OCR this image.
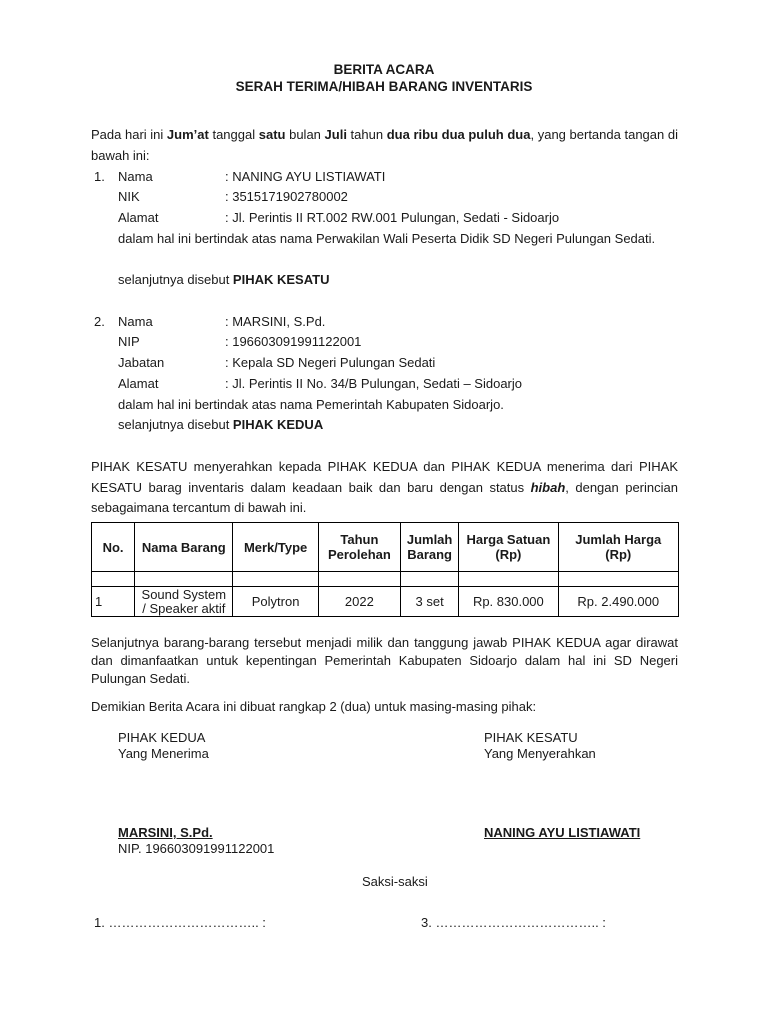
BERITA ACARA
SERAH TERIMA/HIBAH BARANG INVENTARIS
Pada hari ini Jum’at tanggal satu bulan Juli tahun dua ribu dua puluh dua, yang bertanda tangan di bawah ini:
1. Nama	: NANING AYU LISTIAWATI
NIK	: 3515171902780002
Alamat	: Jl. Perintis II RT.002 RW.001 Pulungan, Sedati - Sidoarjo
dalam hal ini bertindak atas nama Perwakilan Wali Peserta Didik SD Negeri Pulungan Sedati.
selanjutnya disebut PIHAK KESATU
2. Nama	: MARSINI, S.Pd.
NIP	: 196603091991122001
Jabatan	: Kepala SD Negeri Pulungan Sedati
Alamat	: Jl. Perintis II No. 34/B Pulungan, Sedati – Sidoarjo
dalam hal ini bertindak atas nama Pemerintah Kabupaten Sidoarjo.
selanjutnya disebut PIHAK KEDUA
PIHAK KESATU menyerahkan kepada PIHAK KEDUA dan PIHAK KEDUA menerima dari PIHAK KESATU barag inventaris dalam keadaan baik dan baru dengan status hibah, dengan perincian sebagaimana tercantum di bawah ini.
No.	Nama Barang	Merk/Type	Tahun Perolehan	Jumlah Barang	Harga Satuan (Rp)	Jumlah Harga (Rp)

1	Sound System / Speaker aktif	Polytron	2022	3 set	Rp. 830.000	Rp. 2.490.000
Selanjutnya barang-barang tersebut menjadi milik dan tanggung jawab PIHAK KEDUA agar dirawat dan dimanfaatkan untuk kepentingan Pemerintah Kabupaten Sidoarjo dalam hal ini SD Negeri Pulungan Sedati.
Demikian Berita Acara ini dibuat rangkap 2 (dua) untuk masing-masing pihak:
PIHAK KEDUA
Yang Menerima
PIHAK KESATU
Yang Menyerahkan
MARSINI, S.Pd.
NIP. 196603091991122001
NANING AYU LISTIAWATI
Saksi-saksi
1. …………………………….. :	3. ……………………………….. :
